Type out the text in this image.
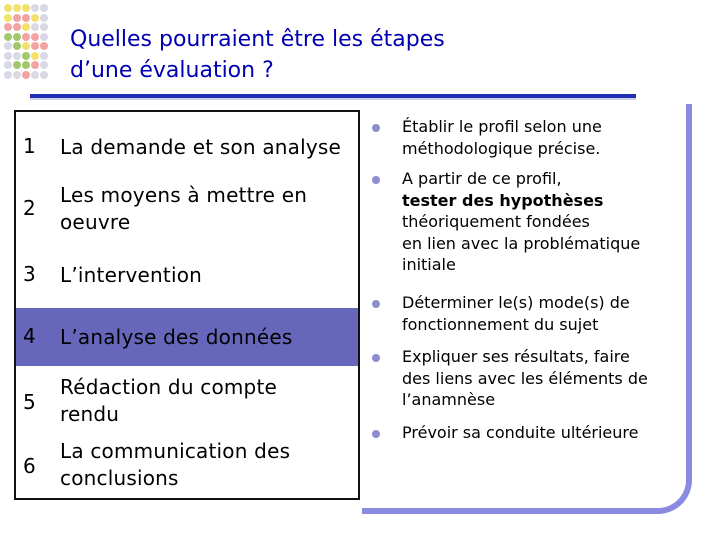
Quelles pourraient être les étapes
d’une évaluation ?
1 La demande et son analyse
2
Les moyens à mettre en
oeuvre
3 L’intervention
4 L’analyse des données
5
Rédaction du compte
rendu
6
La communication des
conclusions
Établir le profil selon une
méthodologique précise.
A partir de ce profil,
tester des hypothèses
théoriquement fondées
en lien avec la problématique
initiale
Déterminer le(s) mode(s) de
fonctionnement du sujet
Expliquer ses résultats, faire
des liens avec les éléments de
l’anamnèse
Prévoir sa conduite ultérieure
